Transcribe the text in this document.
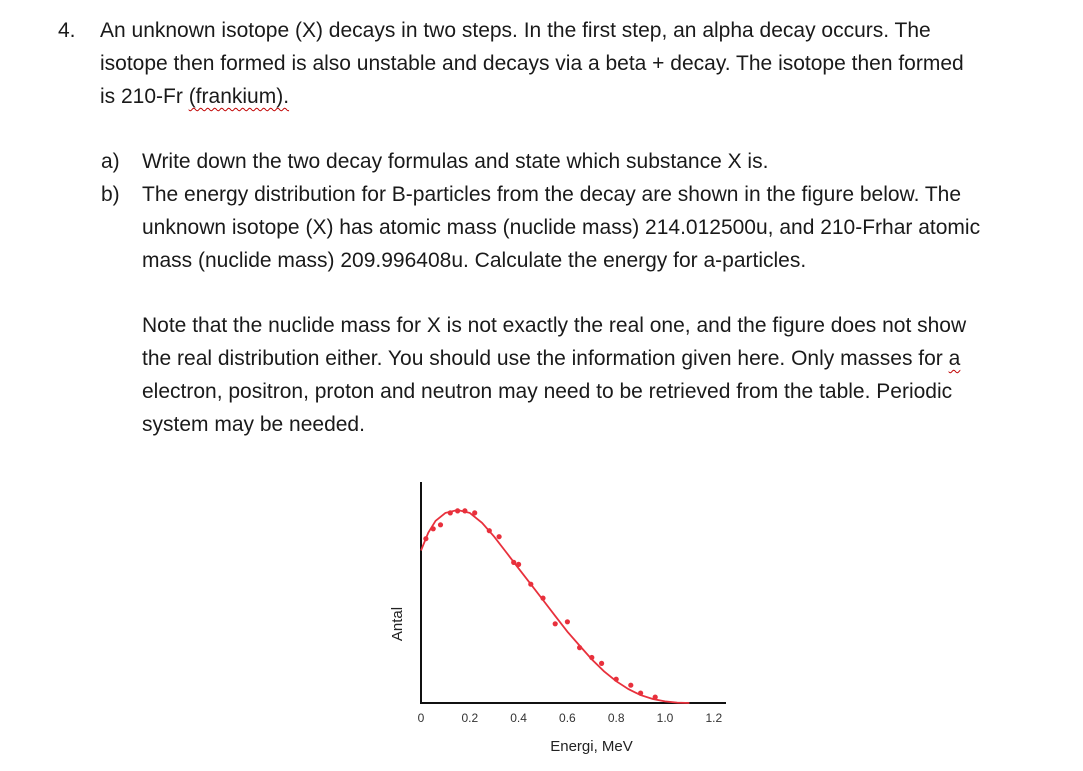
4. An unknown isotope (X) decays in two steps. In the first step, an alpha decay occurs. The
isotope then formed is also unstable and decays via a beta + decay. The isotope then formed
is 210-Fr (frankium).
a) Write down the two decay formulas and state which substance X is.
b) The energy distribution for B-particles from the decay are shown in the figure below. The
unknown isotope (X) has atomic mass (nuclide mass) 214.012500u, and 210-Frhar atomic
mass (nuclide mass) 209.996408u. Calculate the energy for a-particles.
Note that the nuclide mass for X is not exactly the real one, and the figure does not show
the real distribution either. You should use the information given here. Only masses for a
electron, positron, proton and neutron may need to be retrieved from the table. Periodic
system may be needed.
0	0.2	0.4	0.6	0.8	1.0	1.2
Energi, MeV
Antal
